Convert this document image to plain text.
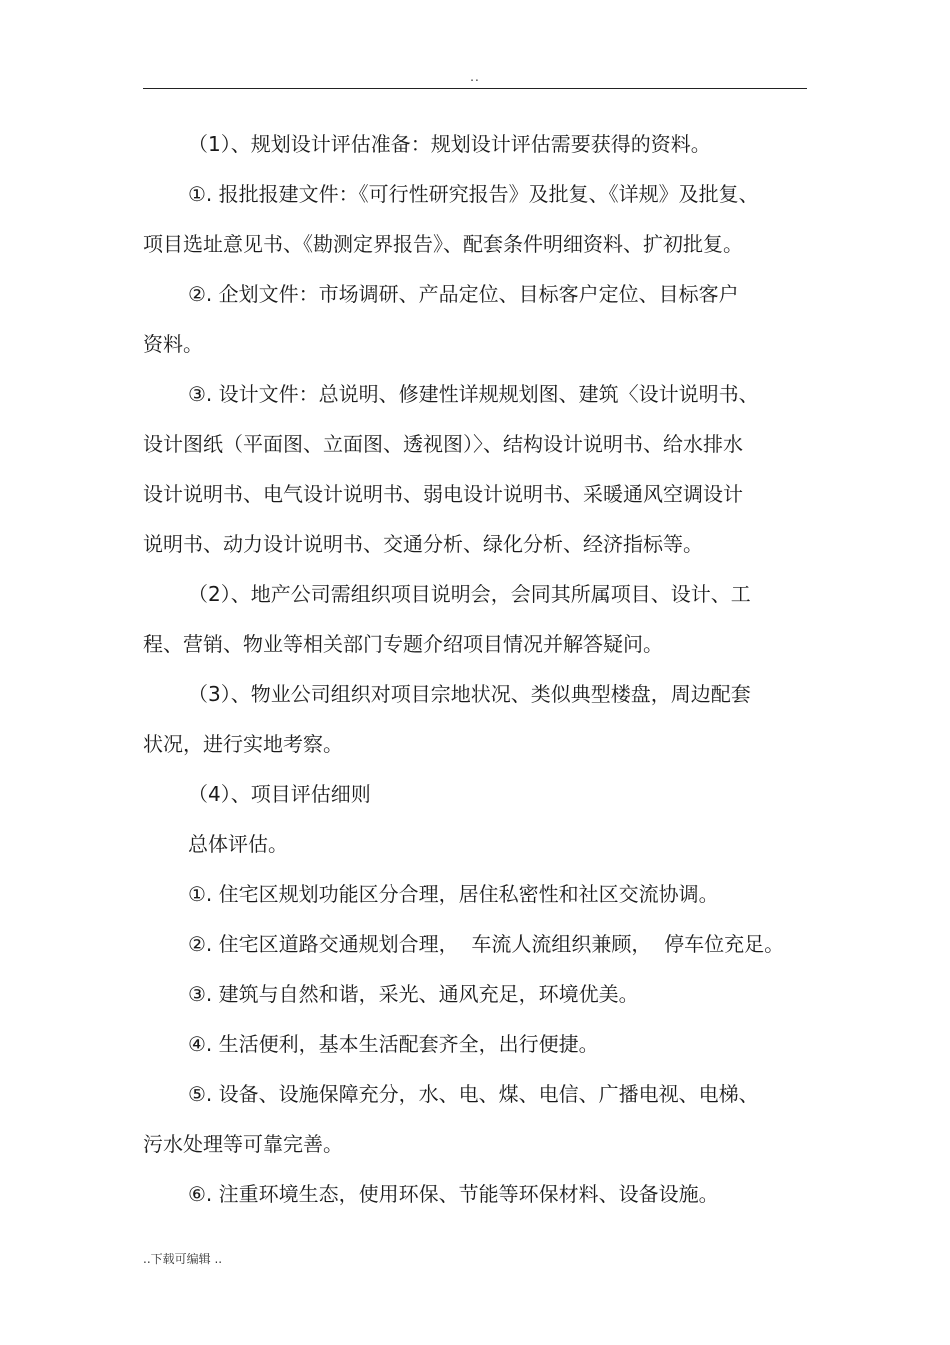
..
（1）、规划设计评估准备：规划设计评估需要获得的资料。
①. 报批报建文件：《可行性研究报告》及批复、《详规》及批复、
项目选址意见书、《勘测定界报告》、配套条件明细资料、扩初批复。
②. 企划文件：市场调研、产品定位、目标客户定位、目标客户
资料。
③. 设计文件：总说明、修建性详规规划图、建筑〈设计说明书、
设计图纸（平面图、立面图、透视图）〉、结构设计说明书、给水排水
设计说明书、电气设计说明书、弱电设计说明书、采暖通风空调设计
说明书、动力设计说明书、交通分析、绿化分析、经济指标等。
（2）、地产公司需组织项目说明会，会同其所属项目、设计、工
程、营销、物业等相关部门专题介绍项目情况并解答疑问。
（3）、物业公司组织对项目宗地状况、类似典型楼盘，周边配套
状况，进行实地考察。
（4）、项目评估细则
总体评估。
①. 住宅区规划功能区分合理，居住私密性和社区交流协调。
②. 住宅区道路交通规划合理，  车流人流组织兼顾，  停车位充足。
③. 建筑与自然和谐，采光、通风充足，环境优美。
④. 生活便利，基本生活配套齐全，出行便捷。
⑤. 设备、设施保障充分，水、电、煤、电信、广播电视、电梯、
污水处理等可靠完善。
⑥. 注重环境生态，使用环保、节能等环保材料、设备设施。
..下载可编辑 ..
